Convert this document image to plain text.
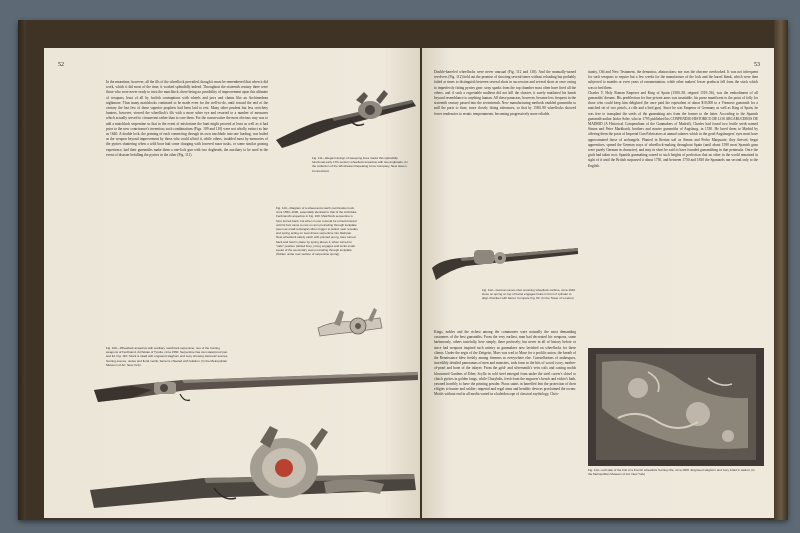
52
In the meantime, however, all the ills of the wheellock prevailed, though it must be remembered that when it did work, which it did most of the time, it worked splendidly indeed. Throughout the sixteenth century there were those who were never ready to trust the matchlock, there being no possibility of improvement upon this ultimate of weapons, least of all by foolish contraptions with wheels and jaws and chains like an Archimedean nightmare. Thus many matchlocks continued to be made even for the well-to-do, until toward the end of the century the last few of these superior prophets had been laid to rest. Many other prudent but less crotchety hunters, however, viewed the wheellock's ills with a more sober eye and resorted to a number of measures which actually served to circumvent rather than to cure them. For the conservative the most obvious way was to add a matchlock serpentine so that in the event of misfortune the hunt might proceed at least as well as it had prior to the new contrivance's invention; such combinations (Figs. 109 and 110) were not wholly extinct as late as 1640. A double lock, the priming of each connecting through its own touchhole into one loading, was hailed as the weapon beyond improvement by those who could afford it, while others, troubled most by memories of the pyrites shattering when a wild boar had come charging with lowered razor tusks, or some similar grazing experience, had their gunsmiths make them a one-lock gun with two dogheads, the auxiliary to be used in the event of disaster befalling the pyrites in the other (Fig. 111).
Fig. 111—Elegant design of sweeping lines marks this splendidly functional early 17th-century wheellock arquebus with two dogheads. (In the collection of the Winchester Repeating Arms Company, New Haven, Connecticut)
Fig. 110—Diagram of a wheel-and-match combination lock, circa 1550–1600, essentially identical to that of the Archduke Ferdinand's arquebus in Fig. 109. Matchlock serpentine is here turned back, but when in use it would be turned forward until its foot came to rest on arm protruding through lockplate (seen as small rectangle) when trigger is pulled, sear recedes and spring acting on sear drives serpentine into flashpan. Note wheellock safety catch with pointed prong, here turned back and held in place by spring above it; when turned to "safe" position (dotted line), prong engages and locks small eyelet of the secondary sear protruding through lockplate (hidden under rear section of serpentine spring).
Fig. 109—Wheellock arquebus with auxiliary matchlock serpentine, one of the hunting weapons of Ferdinand, Archduke of Tyrolia, circa 1560. Serpentine has own waterproof pan and lid. Fig. 110: Stock is inlaid with engraved staghorn and ivory showing Hermetic scenes, hunting scenes, nudes and floral motifs; barrel is chiseled with foliation. (In the Metropolitan Museum of Art, New York)
53
Double-barreled wheellocks were never unusual (Fig. 112 and 130). And the manually-turned revolvers (Fig. 112) held out the promise of shooting several times without reloading but probably failed at times to distinguish between several shots in succession and several shots at once owing to imperfectly fitting pyrites gear: stray sparks from the top chamber most often have fired all the others, and if such a regrettable malheur did not kill the shooter, it surely mutilated his hands beyond resemblance to anything human. All these panaceas, however, became less frequent in the sixteenth century passed into the seventeenth. New manufacturing methods enabled gunsmiths to mill the parts to finer, more closely fitting tolerances, so that by 1580–90 wheellocks showed fewer tendencies to erratic temperaments, becoming progressively more reliable.
Fig. 112—German seven-shot revolving wheellock carbine, circa 1620. Hose on spring on top of barrel engages holes in front of cylinder to align chamber with barrel. Compare Fig. 82. (In the Tower of London)
Kings, nobles and the richest among the commoners were naturally the most demanding customers of the best gunsmiths. From the very earliest, man had decorated his weapons, some barbarously, others tastefully, here simply, there profusely; but never in all of history before or since had weapons inspired such artistry as gunmakers now lavished on wheellocks for these clients. Under the aegis of the Zeitgeist, Mars was wed to Muse for a prolific union, the breath of the Renaissance blew freshly among firearms as everywhere else. Constellations of arabesques, incredibly detailed panoramas of men and monsters, took form in the bits of wood, ivory, mother-of-pearl and bone of the inlayer. From the gold- and silversmith's vein coils and casting molds blossomed Gardens of Eden; Scylla in cold steel emerged from under the steel carver's chisel to clutch pyrites in golden fangs, while Charybdis, fresh from the engraver's bench and etcher's bath, yawned horribly to have the priming powder. Pious saints in barrelled lent the protection of their effigies to hunter and soldier; imperial and regal arms and heraldic devices proclaimed the owner. Motifs without end in all media varied in a kaleidoscope of classical mythology, Chris-
tianity, Old and New Testament, the demoniac, abstractions; nor was the obscene overlooked. It was not infrequent for such weapons to require but a few weeks for the manufacture of the lock and the barrel blank, which were then subjected to months or even years of ornamentation, while other makers' lesser products fell from the stock which was to bed them.
Charles V, Holy Roman Emperor and King of Spain (1500–58, reigned 1519–56), was the embodiment of all gunsmiths' dreams. His predilection for fine private arms was insatiable, his purse munificent to the point of folly for those who could keep him delighted (he once paid the equivalent of about $10,000 to a Viennese gunsmith for a matched set of two pistols, a rifle and a bird gun). Since he was Emperor of Germany as well as King of Spain, he was free to transplant the seeds of the gunmaking arts from the former to the latter. According to the Spanish gunsmith-author Isidor Soler, who in 1795 published his CONPENDIO HISTORICO DE LOS ARCABUCEROS DE MADRID (A Historical Compendium of the Gunmakers of Madrid), Charles had found two fertile seeds named Simon and Peter Markhardt, brothers and master gunsmiths of Augsburg, in 1530. He lured them to Madrid by offering them the posts of Imperial Gun Fabricators at annual salaries which in the good Augsburgers' eyes must have approximated those of archangels. Planted in Iberian soil as Simon and Pedro Marquarte, they thrived, begat apprentices, spread the German ways of wheellock-making throughout Spain (until about 1590 most Spanish guns were purely German in character), and may in short be said to have founded gunsmithing in that peninsula. Once the graft had taken root, Spanish gunmaking soared to such heights of perfection that no other in the world remained in sight of it until the British surpassed it about 1750, and between 1750 and 1830 the Spaniards ran second only to the English.
Fig. 113—Left side of the butt of a French wheellock hunting rifle, circa 1600. Engraved staghorn and ivory inlaid in walnut. (In the Metropolitan Museum of Art, New York)
